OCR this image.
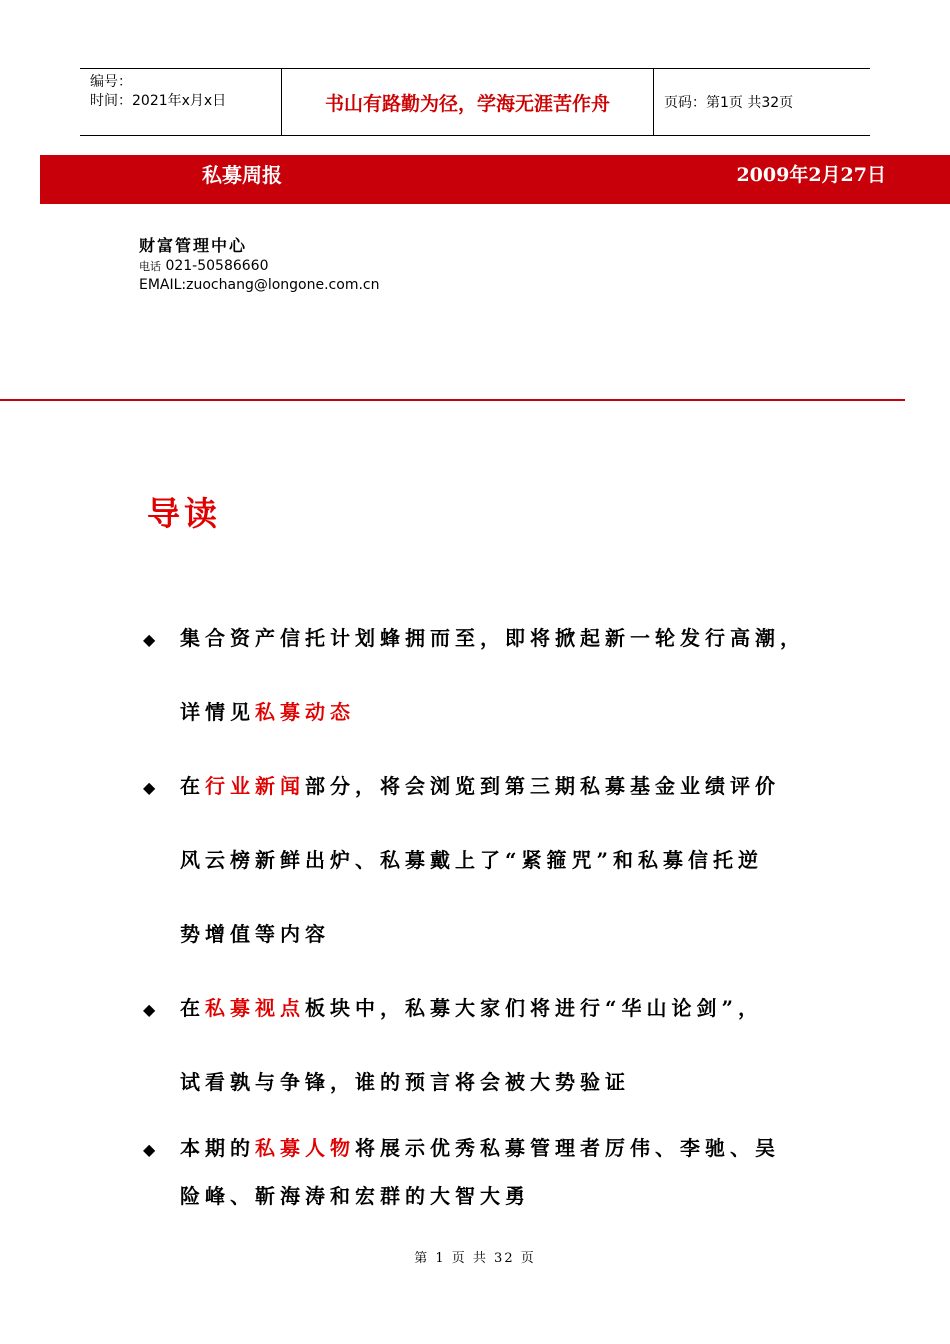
编号：
时间：2021年x月x日	书山有路勤为径，学海无涯苦作舟	页码：第1页 共32页
私募周报	2009年2月27日
财富管理中心
电话 021-50586660
EMAIL:zuochang@longone.com.cn
导读
◆ 集合资产信托计划蜂拥而至，即将掀起新一轮发行高潮，
详情见私募动态
◆ 在行业新闻部分，将会浏览到第三期私募基金业绩评价
风云榜新鲜出炉、私募戴上了“紧箍咒”和私募信托逆
势增值等内容
◆ 在私募视点板块中，私募大家们将进行“华山论剑”，
试看孰与争锋，谁的预言将会被大势验证
◆ 本期的私募人物将展示优秀私募管理者厉伟、李驰、吴
险峰、靳海涛和宏群的大智大勇
第 1 页 共 32 页
